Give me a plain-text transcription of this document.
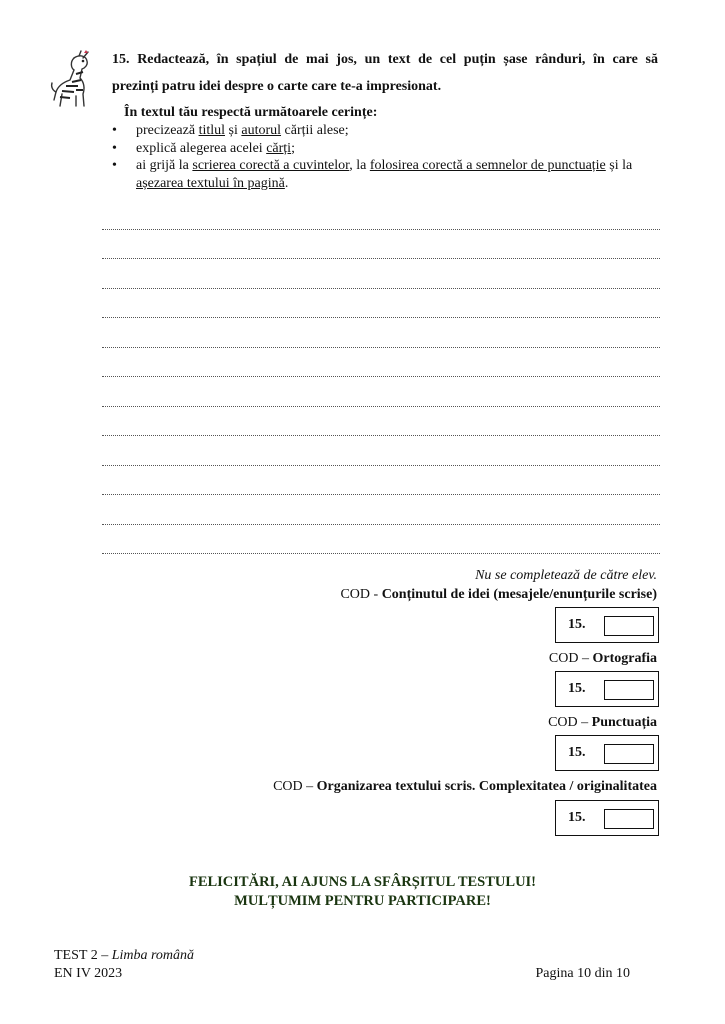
15. Redactează, în spațiul de mai jos, un text de cel puțin șase rânduri, în care să
prezinți patru idei despre o carte care te-a impresionat.
În textul tău respectă următoarele cerințe:
• precizează titlul și autorul cărții alese;
• explică alegerea acelei cărți;
• ai grijă la scrierea corectă a cuvintelor, la folosirea corectă a semnelor de punctuație și la așezarea textului în pagină.
Nu se completează de către elev.
COD - Conținutul de idei (mesajele/enunțurile scrise)
15.
COD – Ortografia
15.
COD – Punctuația
15.
COD – Organizarea textului scris. Complexitatea / originalitatea
15.
FELICITĂRI, AI AJUNS LA SFÂRȘITUL TESTULUI!
MULȚUMIM PENTRU PARTICIPARE!
TEST 2 – Limba română
EN IV 2023	Pagina 10 din 10
